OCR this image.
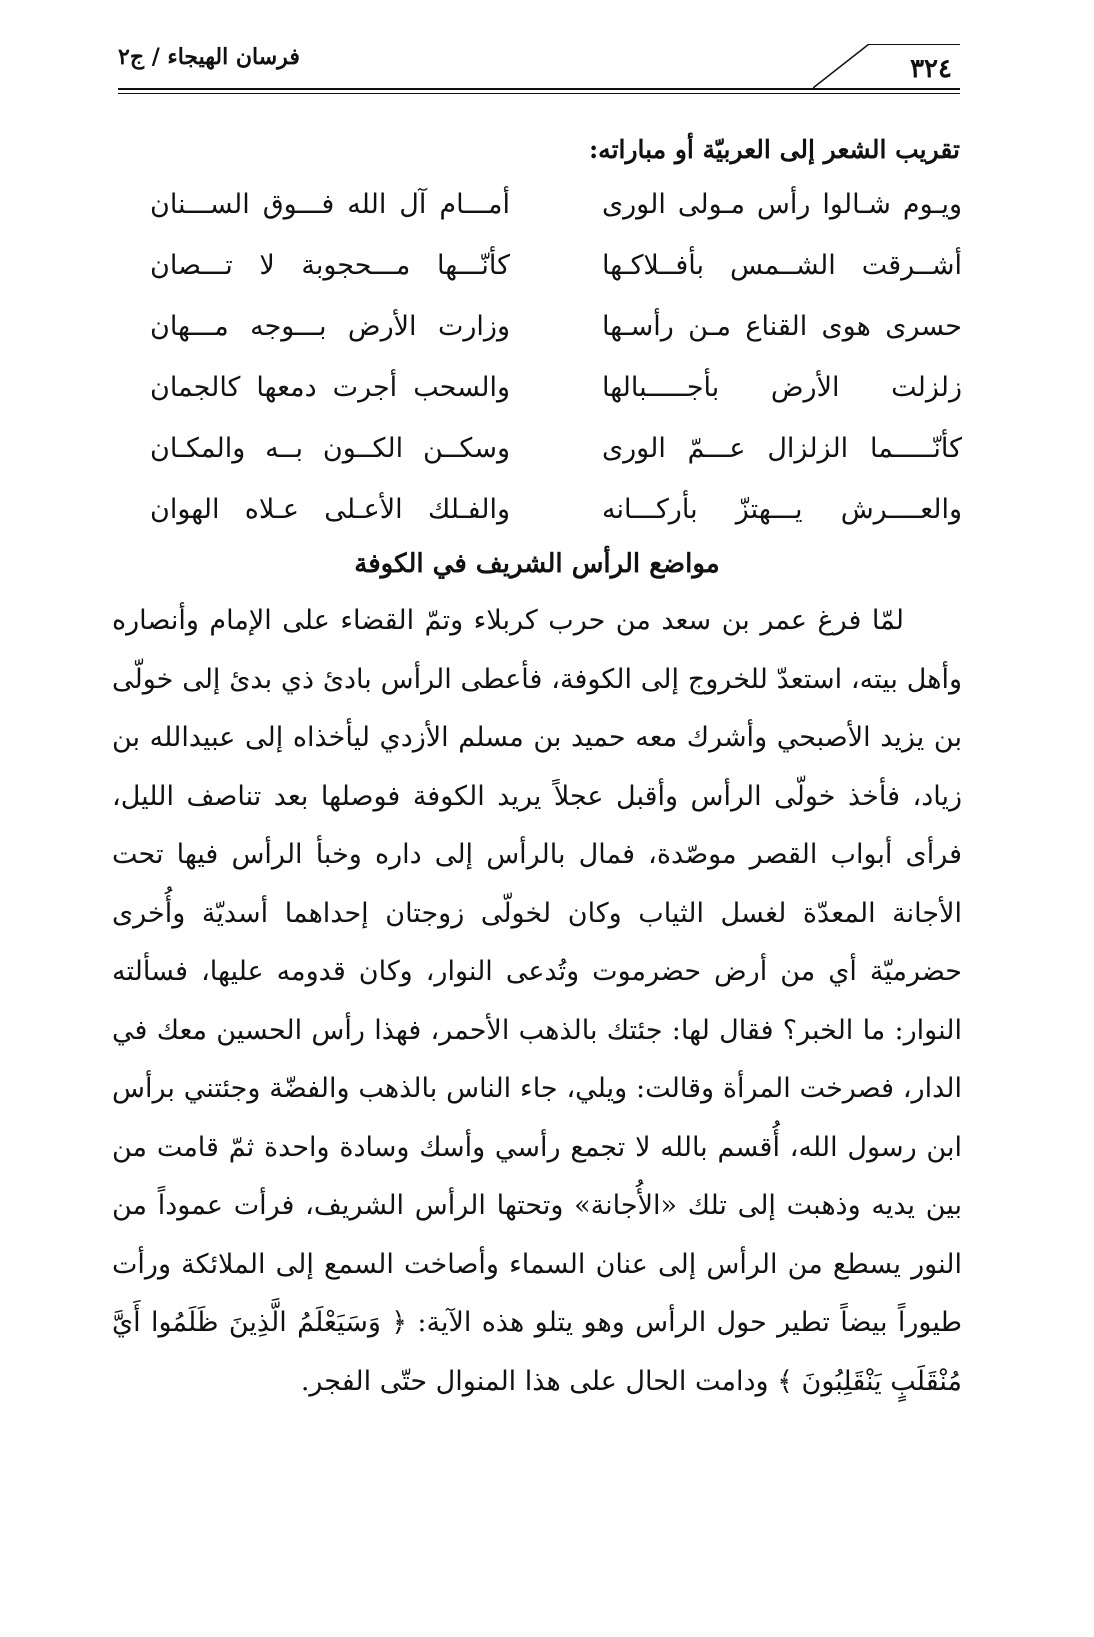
فرسان الهيجاء / ج٢	٣٢٤
تقريب الشعر إلى العربيّة أو مباراته:
ويـوم شـالوا رأس مـولى الورى
أمـــام آل الله فـــوق الســـنان
أشــرقت الشــمس بأفــلاكـها
كأنّـــها مـــحجوبة لا تـــصان
حسرى هوى القناع مـن رأسـها
وزارت الأرض بـــوجه مـــهان
زلزلت الأرض بأجـــــبالها
والسحب أجرت دمعها كالجمان
كأنّـــــما الزلزال عـــمّ الورى
وسكــن الكــون بــه والمكـان
والعــــرش يـــهتزّ بأركـــانه
والفـلك الأعـلى عـلاه الهوان
مواضع الرأس الشريف في الكوفة

لمّا فرغ عمر بن سعد من حرب كربلاء وتمّ القضاء على الإمام وأنصاره وأهل بيته، استعدّ للخروج إلى الكوفة، فأعطى الرأس بادئ ذي بدئ إلى خولّى بن يزيد الأصبحي وأشرك معه حميد بن مسلم الأزدي ليأخذاه إلى عبيدالله بن زياد، فأخذ خولّى الرأس وأقبل عجلاً يريد الكوفة فوصلها بعد تناصف الليل، فرأى أبواب القصر موصّدة، فمال بالرأس إلى داره وخبأ الرأس فيها تحت الأجانة المعدّة لغسل الثياب وكان لخولّى زوجتان إحداهما أسديّة وأُخرى حضرميّة أي من أرض حضرموت وتُدعى النوار، وكان قدومه عليها، فسألته النوار: ما الخبر؟ فقال لها: جئتك بالذهب الأحمر، فهذا رأس الحسين معك في الدار، فصرخت المرأة وقالت: ويلي، جاء الناس بالذهب والفضّة وجئتني برأس ابن رسول الله، أُقسم بالله لا تجمع رأسي وأسك وسادة واحدة ثمّ قامت من بين يديه وذهبت إلى تلك «الأُجانة» وتحتها الرأس الشريف، فرأت عموداً من النور يسطع من الرأس إلى عنان السماء وأصاخت السمع إلى الملائكة ورأت طيوراً بيضاً تطير حول الرأس وهو يتلو هذه الآية: ﴿ وَسَيَعْلَمُ الَّذِينَ ظَلَمُوا أَيَّ مُنْقَلَبٍ يَنْقَلِبُونَ ﴾ ودامت الحال على هذا المنوال حتّى الفجر.
